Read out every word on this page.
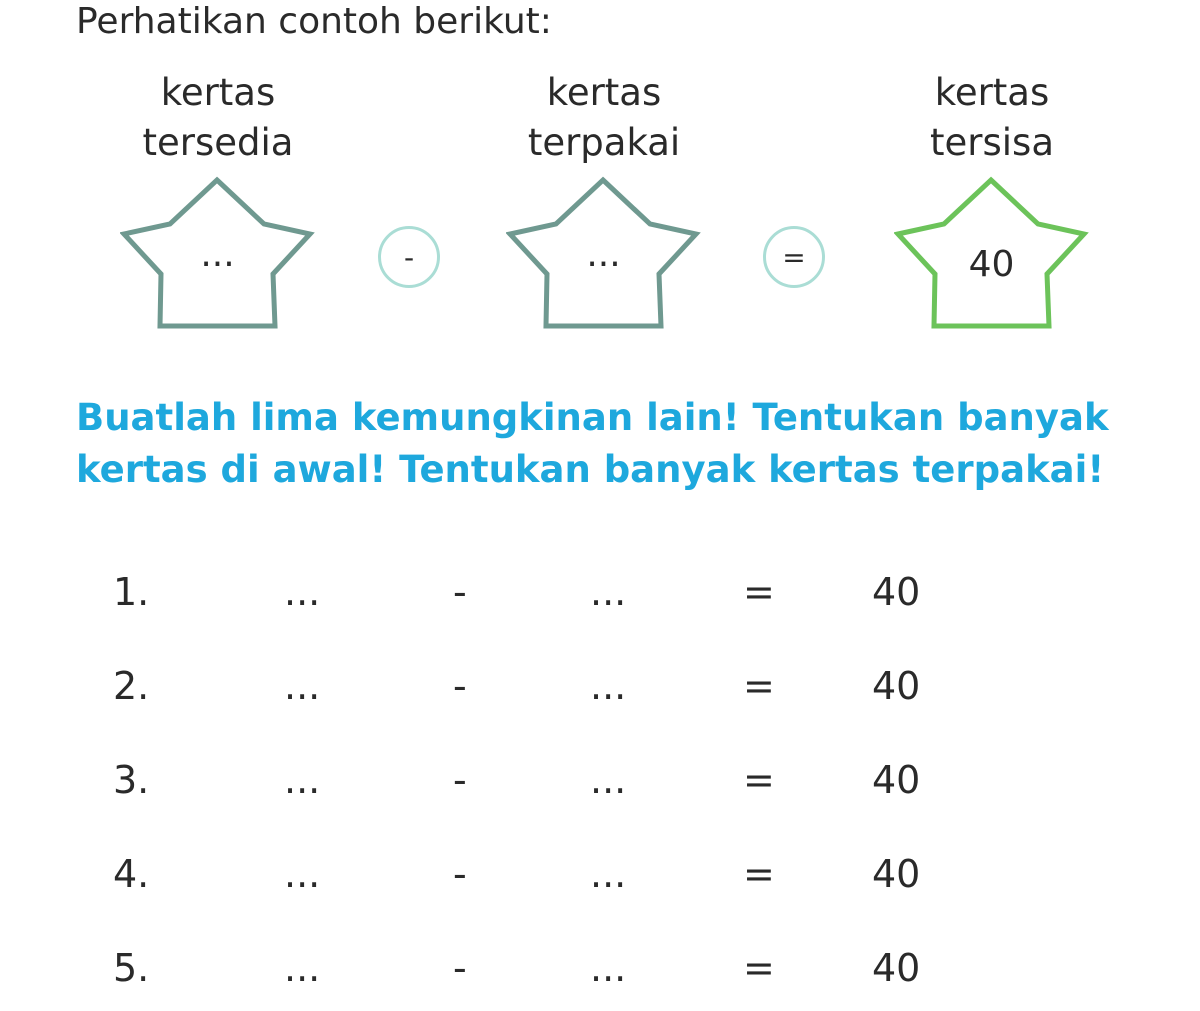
Perhatikan contoh berikut:
kertas
tersedia
kertas
terpakai
kertas
tersisa
...	-	...	=	40
Buatlah lima kemungkinan lain! Tentukan banyak kertas di awal! Tentukan banyak kertas terpakai!
1.	...	-	...	=	40
2.	...	-	...	=	40
3.	...	-	...	=	40
4.	...	-	...	=	40
5.	...	-	...	=	40
